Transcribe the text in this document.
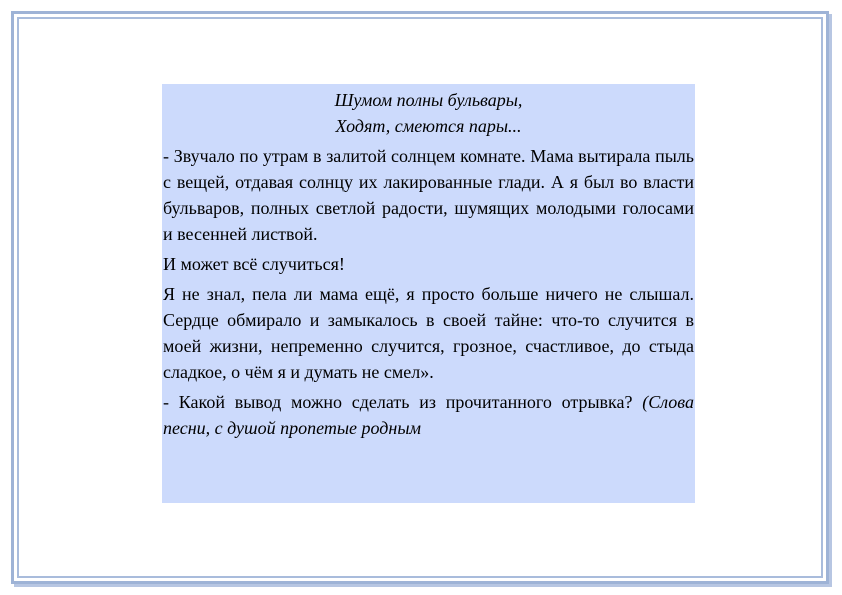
Шумом полны бульвары,
Ходят, смеются пары...
- Звучало по утрам в залитой солнцем комнате. Мама вытирала пыль с вещей, отдавая солнцу их лакированные глади. А я был во власти бульваров, полных светлой радости, шумящих молодыми голосами и весенней листвой.
И может всё случиться!
Я не знал, пела ли мама ещё, я просто больше ничего не слышал. Сердце обмирало и замыкалось в своей тайне: что-то случится в моей жизни, непременно случится, грозное, счастливое, до стыда сладкое, о чём я и думать не смел».
- Какой вывод можно сделать из прочитанного отрывка? (Слова песни, с душой пропетые родным
